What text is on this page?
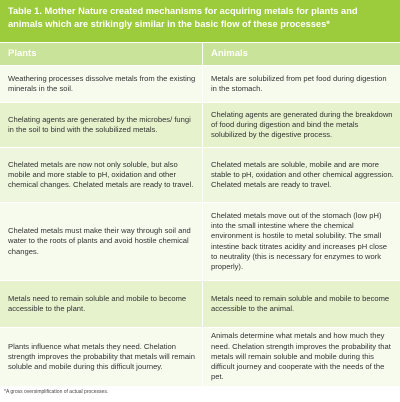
Table 1. Mother Nature created mechanisms for acquiring metals for plants and animals which are strikingly similar in the basic flow of these processes*
Plants	Animals
Weathering processes dissolve metals from the existing minerals in the soil.
Metals are solubilized from pet food during digestion in the stomach.
Chelating agents are generated by the microbes/ fungi in the soil to bind with the solubilized metals.
Chelating agents are generated during the breakdown of food during digestion and bind the metals solubilized by the digestive process.
Chelated metals are now not only soluble, but also mobile and more stable to pH, oxidation and other chemical changes. Chelated metals are ready to travel.
Chelated metals are soluble, mobile and are more stable to pH, oxidation and other chemical aggression. Chelated metals are ready to travel.
Chelated metals must make their way through soil and water to the roots of plants and avoid hostile chemical changes.
Chelated metals move out of the stomach (low pH) into the small intestine where the chemical environment is hostile to metal solubility. The small intestine back titrates acidity and increases pH close to neutrality (this is necessary for enzymes to work properly).
Metals need to remain soluble and mobile to become accessible to the plant.
Metals need to remain soluble and mobile to become accessible to the animal.
Plants influence what metals they need. Chelation strength improves the probability that metals will remain soluble and mobile during this difficult journey.
Animals determine what metals and how much they need. Chelation strength improves the probability that metals will remain soluble and mobile during this difficult journey and cooperate with the needs of the pet.
*A gross oversimplification of actual processes.
